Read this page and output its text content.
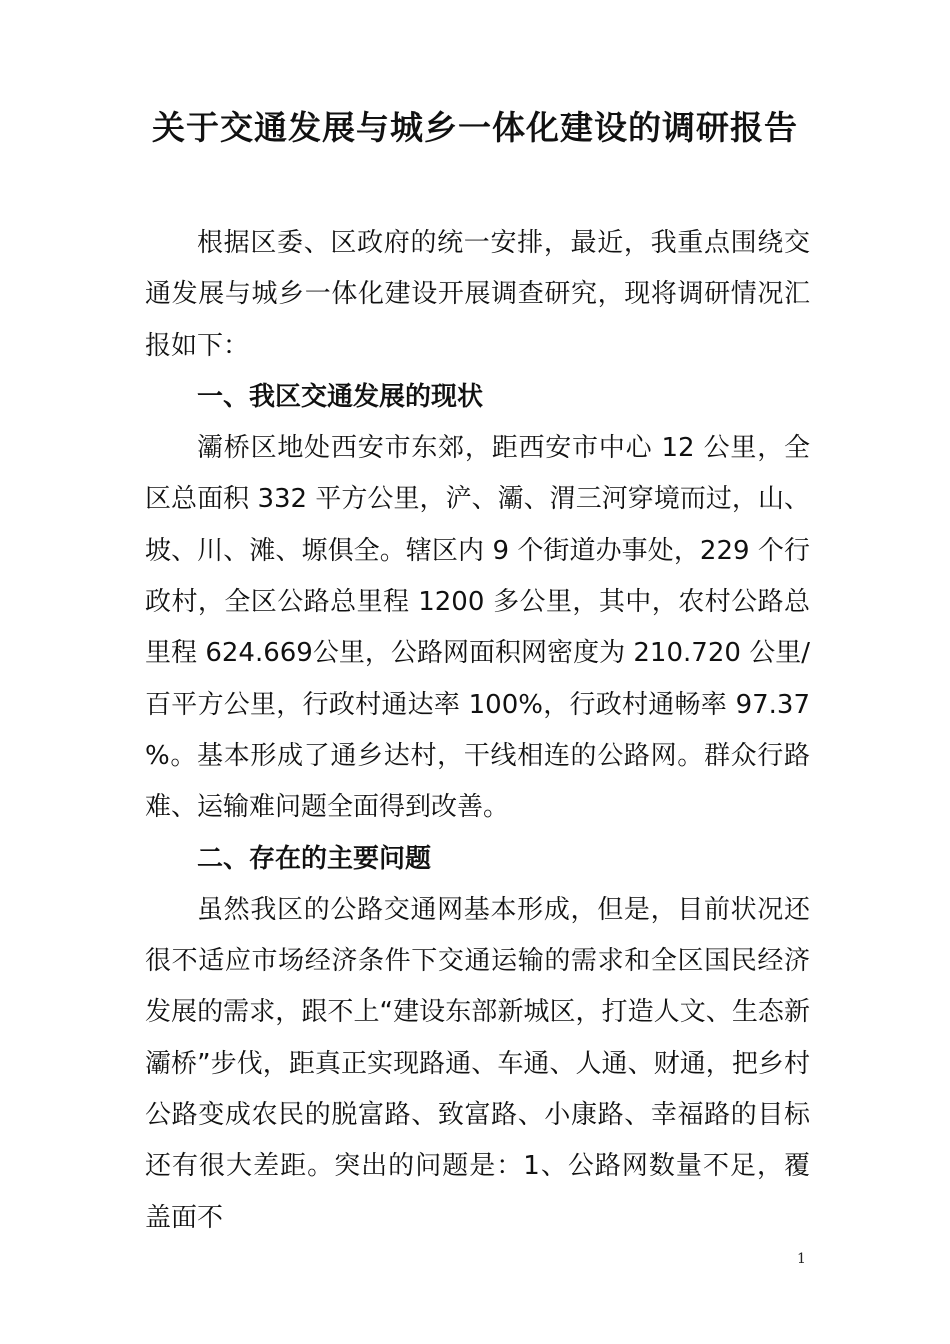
关于交通发展与城乡一体化建设的调研报告

根据区委、区政府的统一安排，最近，我重点围绕交通发展与城乡一体化建设开展调查研究，现将调研情况汇报如下：

一、我区交通发展的现状

灞桥区地处西安市东郊，距西安市中心 12 公里，全区总面积 332 平方公里，浐、灞、渭三河穿境而过，山、坡、川、滩、塬俱全。辖区内 9 个街道办事处，229 个行政村，全区公路总里程 1200 多公里，其中，农村公路总里程 624.669公里，公路网面积网密度为 210.720 公里/百平方公里，行政村通达率 100%，行政村通畅率 97.37%。基本形成了通乡达村，干线相连的公路网。群众行路难、运输难问题全面得到改善。

二、存在的主要问题

虽然我区的公路交通网基本形成，但是，目前状况还很不适应市场经济条件下交通运输的需求和全区国民经济发展的需求，跟不上“建设东部新城区，打造人文、生态新灞桥”步伐，距真正实现路通、车通、人通、财通，把乡村公路变成农民的脱富路、致富路、小康路、幸福路的目标还有很大差距。突出的问题是：1、公路网数量不足，覆盖面不

1
